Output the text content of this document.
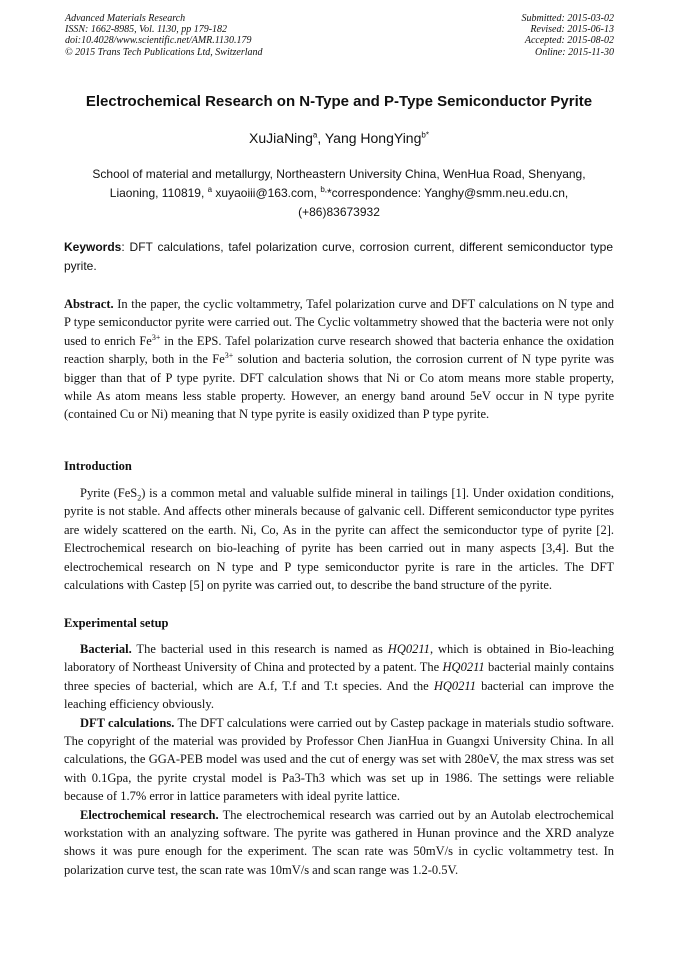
Advanced Materials Research
ISSN: 1662-8985, Vol. 1130, pp 179-182
doi:10.4028/www.scientific.net/AMR.1130.179
© 2015 Trans Tech Publications Ltd, Switzerland
Submitted: 2015-03-02
Revised: 2015-06-13
Accepted: 2015-08-02
Online: 2015-11-30
Electrochemical Research on N-Type and P-Type Semiconductor Pyrite
XuJiaNing$^a$, Yang HongYing$^{b*}$
School of material and metallurgy, Northeastern University China, WenHua Road, Shenyang,
Liaoning, 110819, $^a$ xuyaoiii@163.com, $^{b,}$*correspondence: Yanghy@smm.neu.edu.cn,
(+86)83673932
Keywords: DFT calculations, tafel polarization curve, corrosion current, different semiconductor type pyrite.

Abstract. In the paper, the cyclic voltammetry, Tafel polarization curve and DFT calculations on N type and P type semiconductor pyrite were carried out. The Cyclic voltammetry showed that the bacteria were not only used to enrich $Fe^{3+}$ in the EPS. Tafel polarization curve research showed that bacteria enhance the oxidation reaction sharply, both in the $Fe^{3+}$ solution and bacteria solution, the corrosion current of N type pyrite was bigger than that of P type pyrite. DFT calculation shows that Ni or Co atom means more stable property, while As atom means less stable property. However, an energy band around 5eV occur in N type pyrite (contained Cu or Ni) meaning that N type pyrite is easily oxidized than P type pyrite.

Introduction

Pyrite (FeS$_2$) is a common metal and valuable sulfide mineral in tailings [1]. Under oxidation conditions, pyrite is not stable. And affects other minerals because of galvanic cell. Different semiconductor type pyrites are widely scattered on the earth. Ni, Co, As in the pyrite can affect the semiconductor type of pyrite [2]. Electrochemical research on bio-leaching of pyrite has been carried out in many aspects [3,4]. But the electrochemical research on N type and P type semiconductor pyrite is rare in the articles. The DFT calculations with Castep [5] on pyrite was carried out, to describe the band structure of the pyrite.

Experimental setup

Bacterial. The bacterial used in this research is named as HQ0211, which is obtained in Bio-leaching laboratory of Northeast University of China and protected by a patent. The HQ0211 bacterial mainly contains three species of bacterial, which are A.f, T.f and T.t species. And the HQ0211 bacterial can improve the leaching efficiency obviously.

DFT calculations. The DFT calculations were carried out by Castep package in materials studio software. The copyright of the material was provided by Professor Chen JianHua in Guangxi University China. In all calculations, the GGA-PEB model was used and the cut of energy was set with 280eV, the max stress was set with 0.1Gpa, the pyrite crystal model is Pa3-Th3 which was set up in 1986. The settings were reliable because of 1.7% error in lattice parameters with ideal pyrite lattice.

Electrochemical research. The electrochemical research was carried out by an Autolab electrochemical workstation with an analyzing software. The pyrite was gathered in Hunan province and the XRD analyze shows it was pure enough for the experiment. The scan rate was 50mV/s in cyclic voltammetry test. In polarization curve test, the scan rate was 10mV/s and scan range was 1.2-0.5V.
